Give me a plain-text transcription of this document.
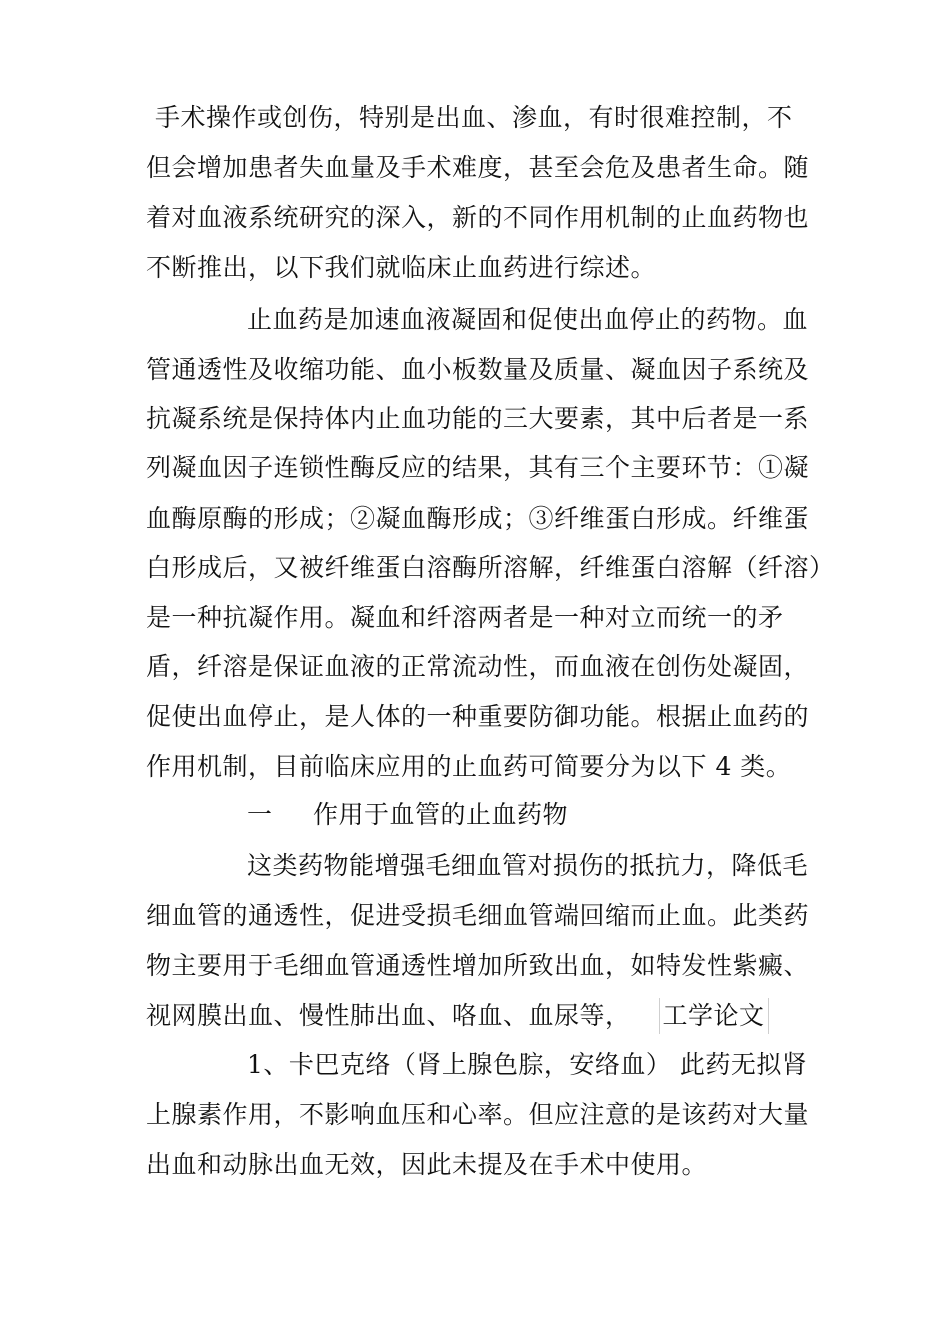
手术操作或创伤，特别是出血、渗血，有时很难控制，不
但会增加患者失血量及手术难度，甚至会危及患者生命。随
着对血液系统研究的深入，新的不同作用机制的止血药物也
不断推出，以下我们就临床止血药进行综述。
止血药是加速血液凝固和促使出血停止的药物。血
管通透性及收缩功能、血小板数量及质量、凝血因子系统及
抗凝系统是保持体内止血功能的三大要素，其中后者是一系
列凝血因子连锁性酶反应的结果，其有三个主要环节：①凝
血酶原酶的形成；②凝血酶形成；③纤维蛋白形成。纤维蛋
白形成后，又被纤维蛋白溶酶所溶解，纤维蛋白溶解（纤溶）
是一种抗凝作用。凝血和纤溶两者是一种对立而统一的矛
盾，纤溶是保证血液的正常流动性，而血液在创伤处凝固，
促使出血停止，是人体的一种重要防御功能。根据止血药的
作用机制，目前临床应用的止血药可简要分为以下 4 类。
一 作用于血管的止血药物
这类药物能增强毛细血管对损伤的抵抗力，降低毛
细血管的通透性，促进受损毛细血管端回缩而止血。此类药
物主要用于毛细血管通透性增加所致出血，如特发性紫癜、
视网膜出血、慢性肺出血、咯血、血尿等， 工学论文
1、卡巴克络（肾上腺色腙，安络血） 此药无拟肾
上腺素作用，不影响血压和心率。但应注意的是该药对大量
出血和动脉出血无效，因此未提及在手术中使用。
